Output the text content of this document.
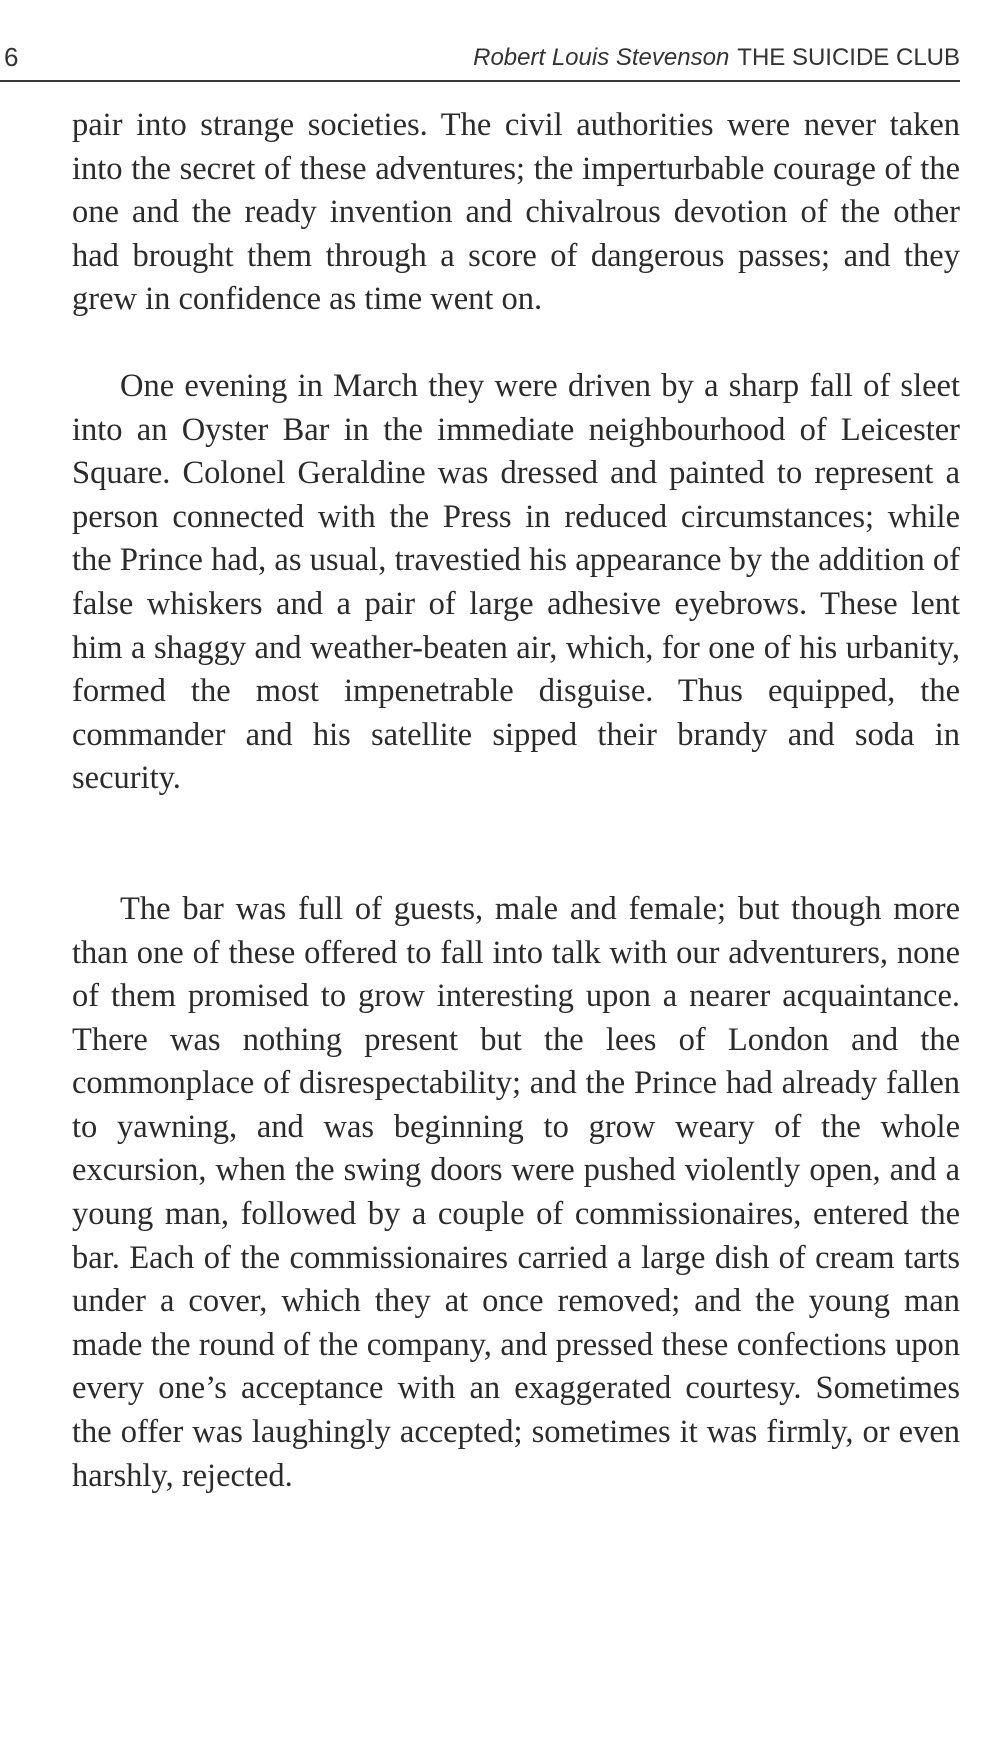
6	Robert Louis Stevenson THE SUICIDE CLUB

pair into strange societies. The civil authorities were never taken into the secret of these adventures; the imperturbable courage of the one and the ready invention and chivalrous devotion of the other had brought them through a score of dangerous passes; and they grew in confidence as time went on.

One evening in March they were driven by a sharp fall of sleet into an Oyster Bar in the immediate neighbourhood of Leicester Square. Colonel Geraldine was dressed and painted to represent a person connected with the Press in reduced circumstances; while the Prince had, as usual, travestied his appearance by the addition of false whiskers and a pair of large adhesive eyebrows. These lent him a shaggy and weather-beaten air, which, for one of his urbanity, formed the most impenetrable disguise. Thus equipped, the commander and his satellite sipped their brandy and soda in security.

The bar was full of guests, male and female; but though more than one of these offered to fall into talk with our adventurers, none of them promised to grow interesting upon a nearer acquaintance. There was nothing present but the lees of London and the commonplace of disrespectability; and the Prince had already fallen to yawning, and was beginning to grow weary of the whole excursion, when the swing doors were pushed violently open, and a young man, followed by a couple of commissionaires, entered the bar. Each of the commissionaires carried a large dish of cream tarts under a cover, which they at once removed; and the young man made the round of the company, and pressed these confections upon every one’s acceptance with an exaggerated courtesy. Sometimes the offer was laughingly accepted; sometimes it was firmly, or even harshly, rejected.
